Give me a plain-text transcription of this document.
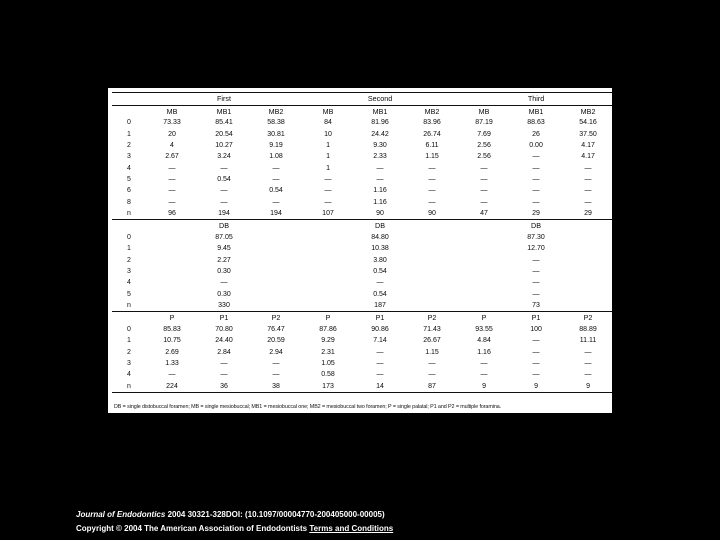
	First			Second			Third		
	MB	MB1	MB2	MB	MB1	MB2	MB	MB1	MB2
0	73.33	85.41	58.38	84	81.96	83.96	87.19	88.63	54.16
1	20	20.54	30.81	10	24.42	26.74	7.69	26	37.50
2	4	10.27	9.19	1	9.30	6.11	2.56	0.00	4.17
3	2.67	3.24	1.08	1	2.33	1.15	2.56	—	4.17
4	—	—	—	1	—	—	—	—	—
5	—	0.54	—	—	—	—	—	—	—
6	—	—	0.54	—	1.16	—	—	—	—
8	—	—	—	—	1.16	—	—	—	—
n	96	194	194	107	90	90	47	29	29
	DB			DB			DB		
0	87.05			84.80			87.30		
1	9.45			10.38			12.70		
2	2.27			3.80			—		
3	0.30			0.54			—		
4	—			—			—		
5	0.30			0.54			—		
n	330			187			73		
	P	P1	P2	P	P1	P2	P	P1	P2
0	85.83	70.80	76.47	87.86	90.86	71.43	93.55	100	88.89
1	10.75	24.40	20.59	9.29	7.14	26.67	4.84	—	11.11
2	2.69	2.84	2.94	2.31	—	1.15	1.16	—	—
3	1.33	—	—	1.05	—	—	—	—	—
4	—	—	—	0.58	—	—	—	—	—
n	224	36	38	173	14	87	9	9	9
DB = single distobuccal foramen; MB = single mesiobuccal; MB1 = mesiobuccal one; MB2 = mesiobuccal two foramen; P = single palatal; P1 and P2 = multiple foramina.
Journal of Endodontics 2004 30321-328DOI: (10.1097/00004770-200405000-00005)
Copyright © 2004 The American Association of Endodontists Terms and Conditions
